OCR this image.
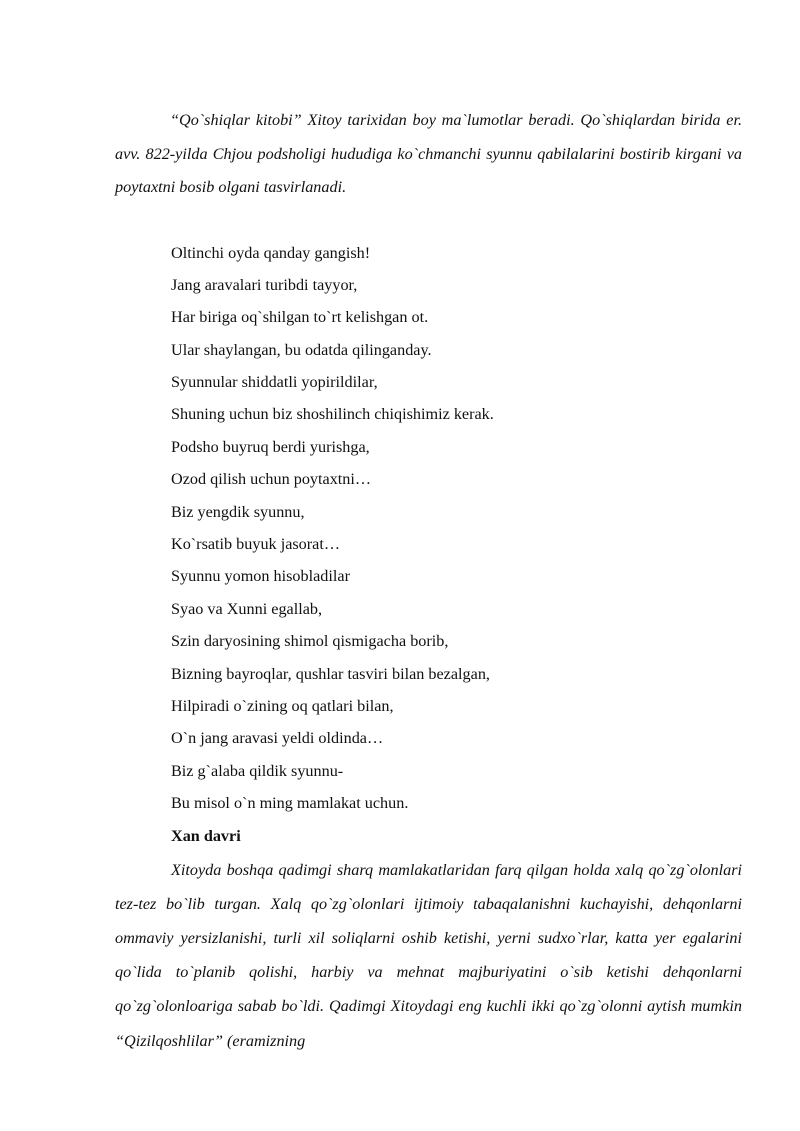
“Qo`shiqlar kitobi” Xitoy tarixidan boy ma`lumotlar beradi. Qo`shiqlardan birida er. avv. 822-yilda Chjou podsholigi hududiga ko`chmanchi syunnu qabilalarini bostirib kirgani va poytaxtni bosib olgani tasvirlanadi.

Oltinchi oyda qanday gangish!

Jang aravalari turibdi tayyor,

Har biriga oq`shilgan to`rt kelishgan ot.

Ular shaylangan, bu odatda qilinganday.

Syunnular shiddatli yopirildilar,

Shuning uchun biz shoshilinch chiqishimiz kerak.

Podsho buyruq berdi yurishga,

Ozod qilish uchun poytaxtni…

Biz yengdik syunnu,

Ko`rsatib buyuk jasorat…

Syunnu yomon hisobladilar

Syao va Xunni egallab,

Szin daryosining shimol qismigacha borib,

Bizning bayroqlar, qushlar tasviri bilan bezalgan,

Hilpiradi o`zining oq qatlari bilan,

O`n jang aravasi yeldi oldinda…

Biz g`alaba qildik syunnu-

Bu misol o`n ming mamlakat uchun.

Xan davri

Xitoyda boshqa qadimgi sharq mamlakatlaridan farq qilgan holda xalq qo`zg`olonlari tez-tez bo`lib turgan. Xalq qo`zg`olonlari ijtimoiy tabaqalanishni kuchayishi, dehqonlarni ommaviy yersizlanishi, turli xil soliqlarni oshib ketishi, yerni sudxo`rlar, katta yer egalarini qo`lida to`planib qolishi, harbiy va mehnat majburiyatini o`sib ketishi dehqonlarni qo`zg`olonloariga sabab bo`ldi. Qadimgi Xitoydagi eng kuchli ikki qo`zg`olonni aytish mumkin “Qizilqoshlilar” (eramizning
